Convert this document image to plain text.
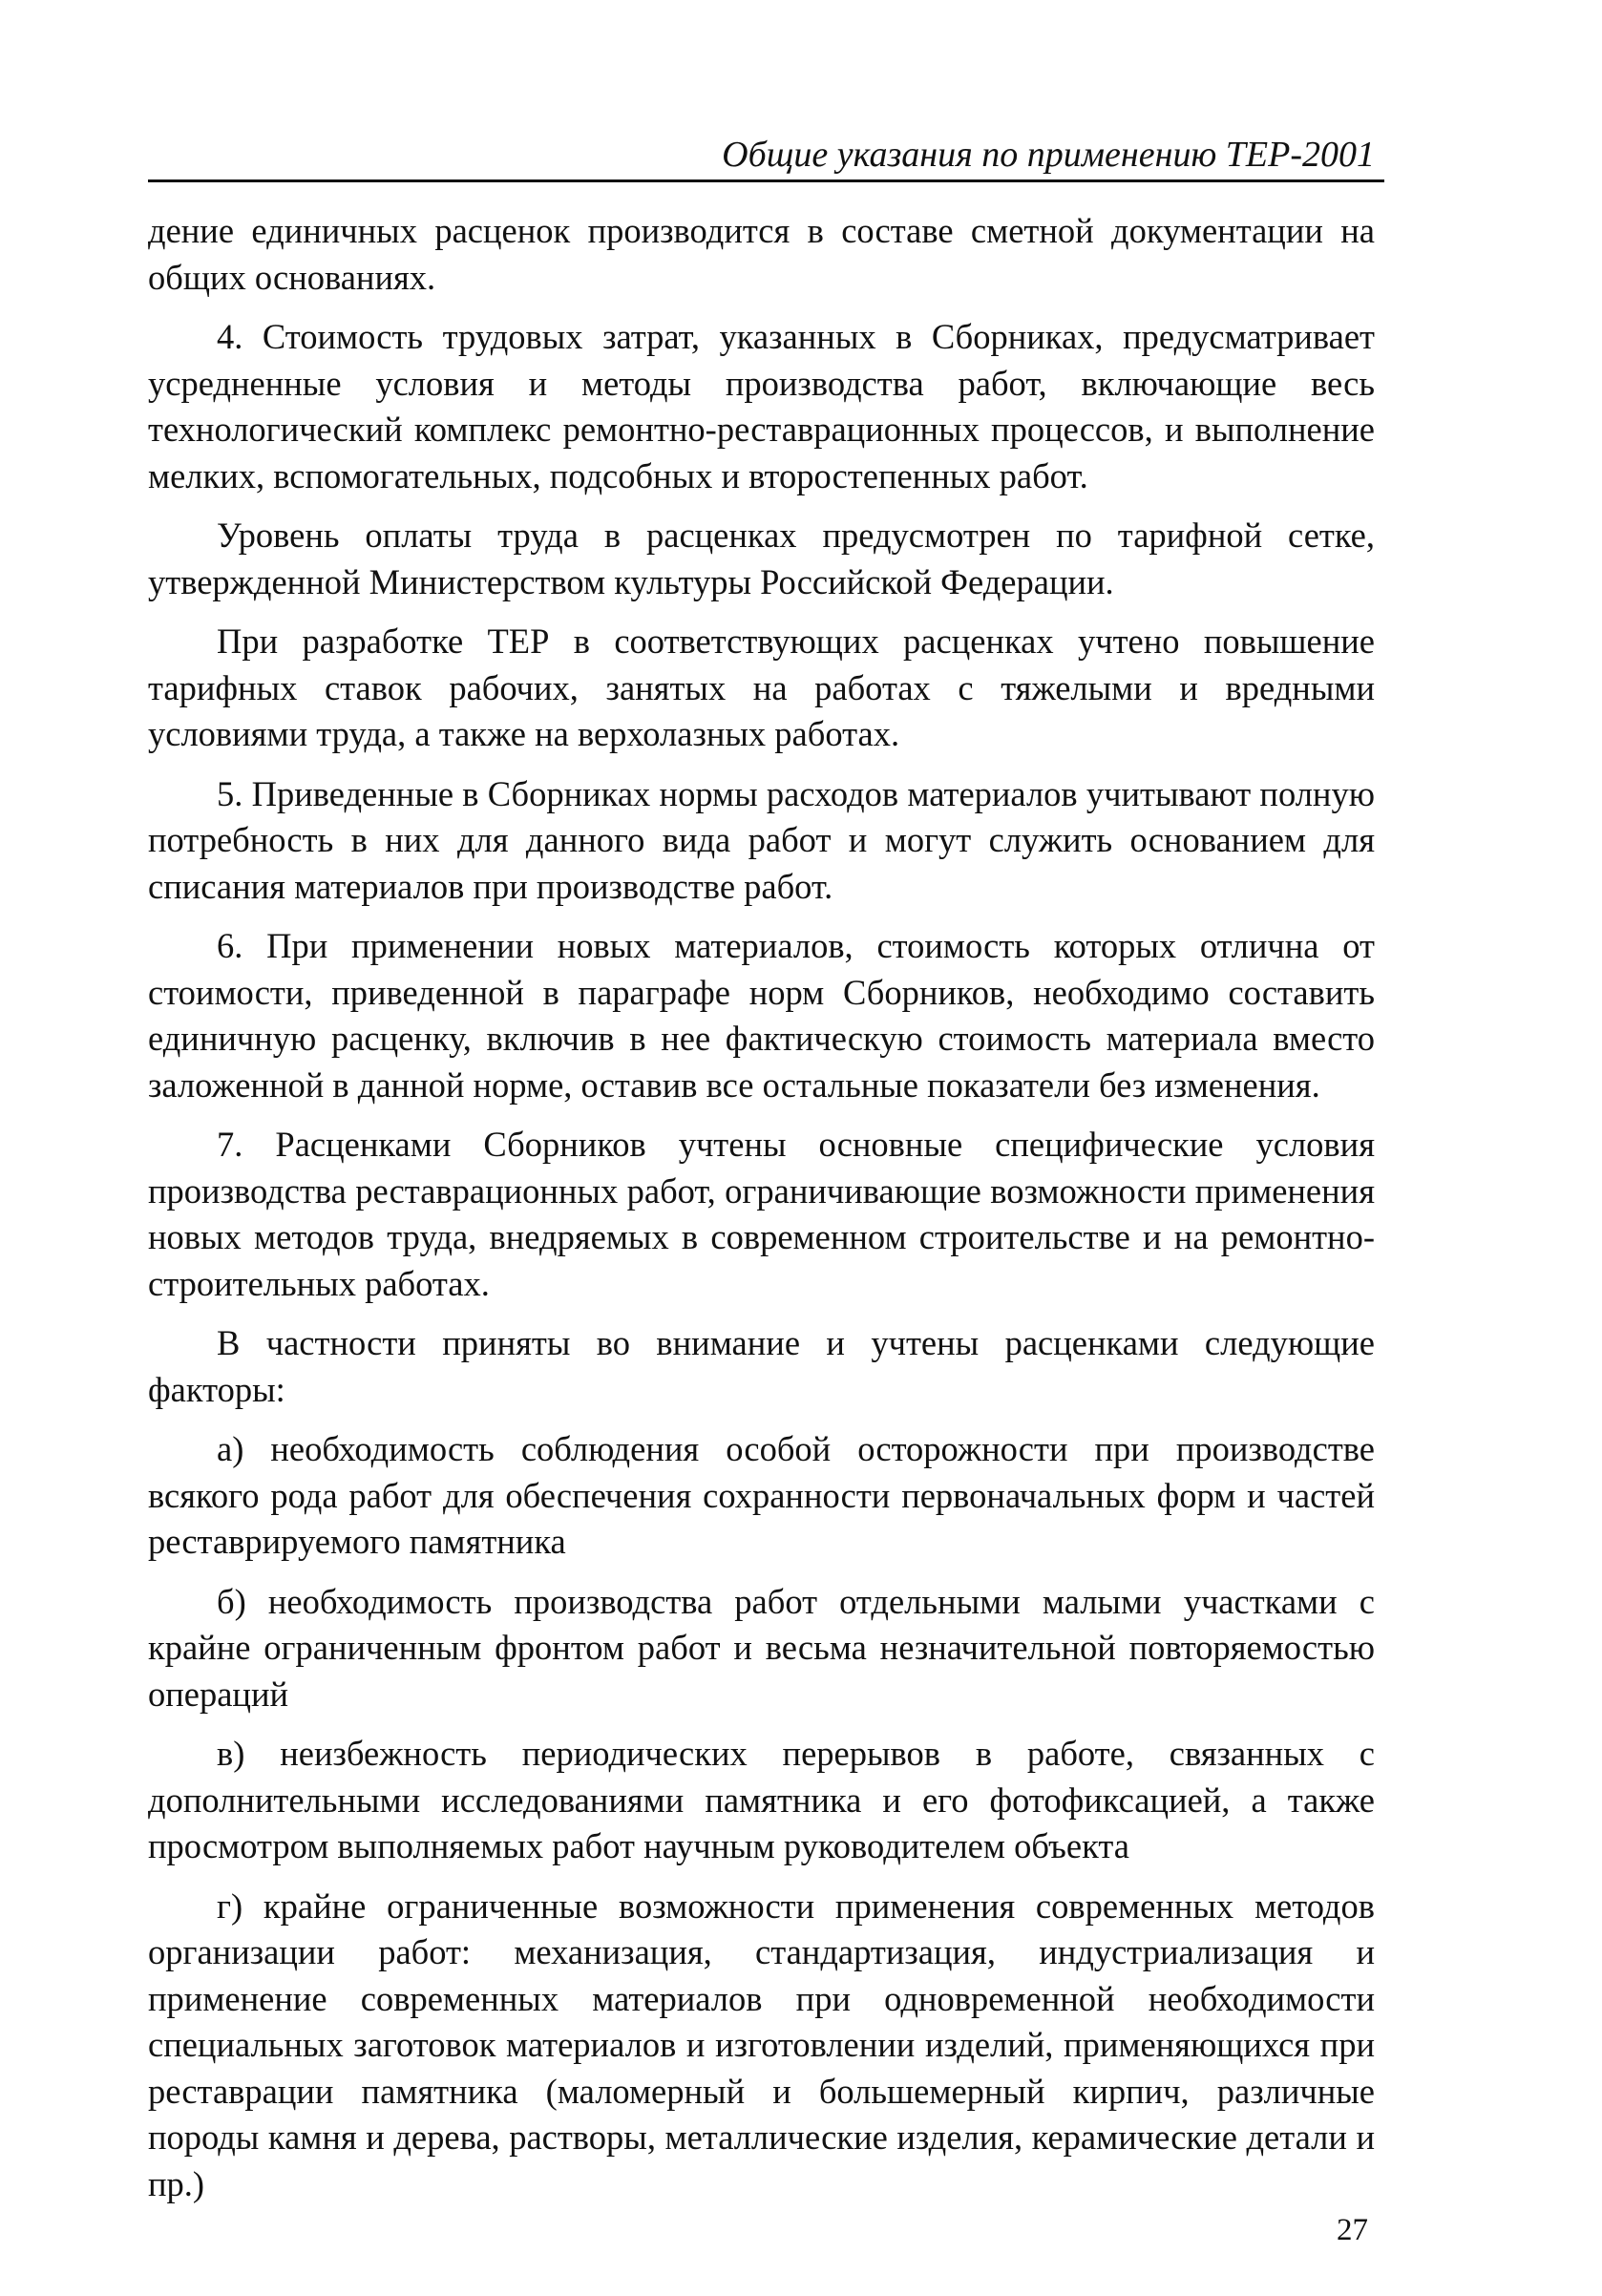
Общие указания по применению ТЕР-2001

дение единичных расценок производится в составе сметной документации на общих основаниях.

4. Стоимость трудовых затрат, указанных в Сборниках, предусматривает усредненные условия и методы производства работ, включающие весь технологический комплекс ремонтно-реставрационных процессов, и выполнение мелких, вспомогательных, подсобных и второстепенных работ.

Уровень оплаты труда в расценках предусмотрен по тарифной сетке, утвержденной Министерством культуры Российской Федерации.

При разработке ТЕР в соответствующих расценках учтено повышение тарифных ставок рабочих, занятых на работах с тяжелыми и вредными условиями труда, а также на верхолазных работах.

5. Приведенные в Сборниках нормы расходов материалов учитывают полную потребность в них для данного вида работ и могут служить основанием для списания материалов при производстве работ.

6. При применении новых материалов, стоимость которых отлична от стоимости, приведенной в параграфе норм Сборников, необходимо составить единичную расценку, включив в нее фактическую стоимость материала вместо заложенной в данной норме, оставив все остальные показатели без изменения.

7. Расценками Сборников учтены основные специфические условия производства реставрационных работ, ограничивающие возможности применения новых методов труда, внедряемых в современном строительстве и на ремонтно-строительных работах.

В частности приняты во внимание и учтены расценками следующие факторы:

а) необходимость соблюдения особой осторожности при производстве всякого рода работ для обеспечения сохранности первоначальных форм и частей реставрируемого памятника

б) необходимость производства работ отдельными малыми участками с крайне ограниченным фронтом работ и весьма незначительной повторяемостью операций

в) неизбежность периодических перерывов в работе, связанных с дополнительными исследованиями памятника и его фотофиксацией, а также просмотром выполняемых работ научным руководителем объекта

г) крайне ограниченные возможности применения современных методов организации работ: механизация, стандартизация, индустриализация и применение современных материалов при одновременной необходимости специальных заготовок материалов и изготовлении изделий, применяющихся при реставрации памятника (маломерный и большемерный кирпич, различные породы камня и дерева, растворы, металлические изделия, керамические детали и пр.)

27
